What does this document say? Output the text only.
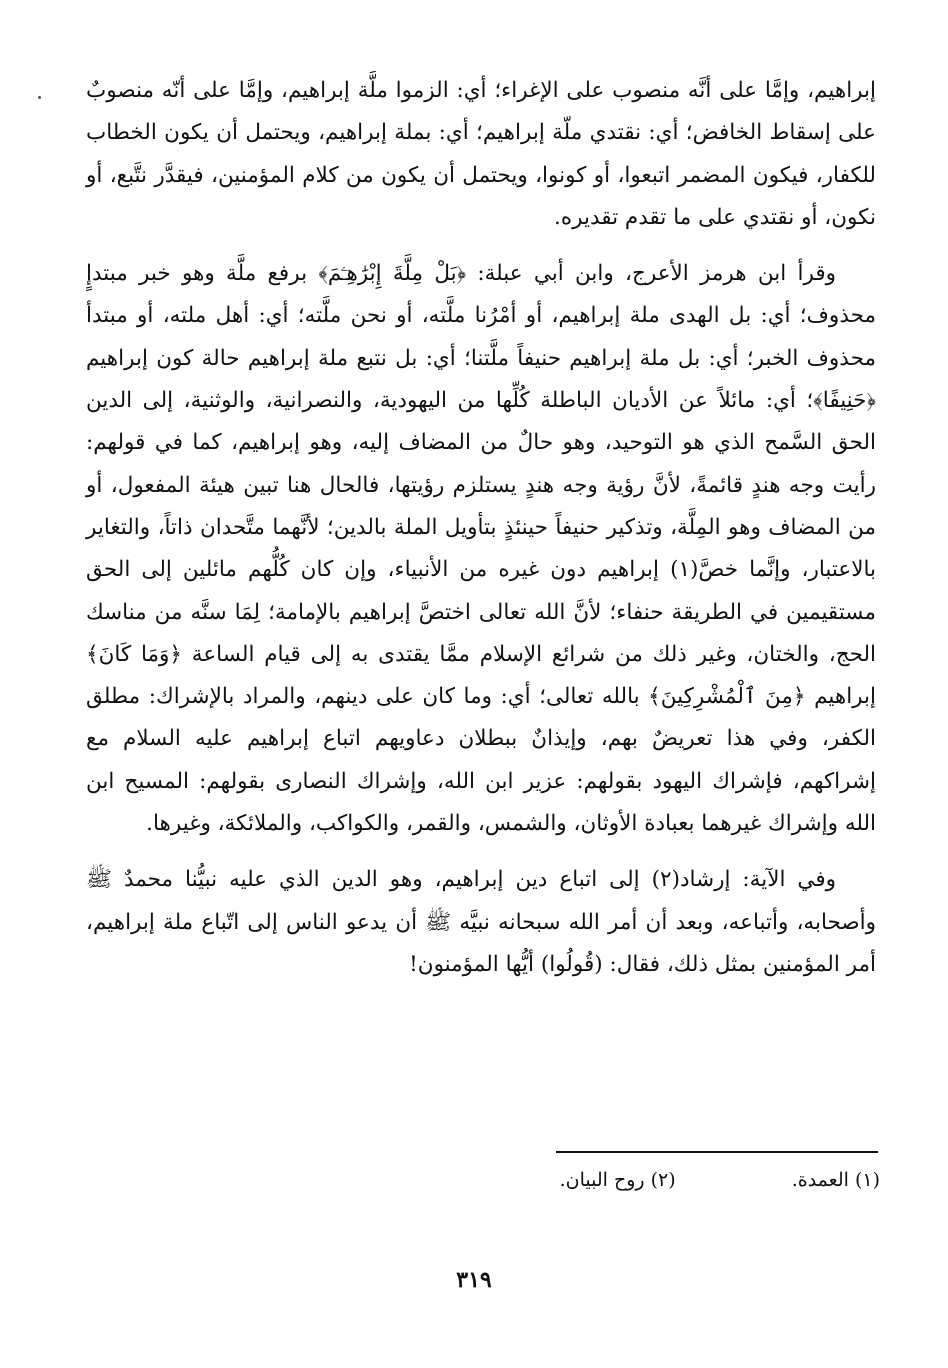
إبراهيم، وإمَّا على أنَّه منصوب على الإغراء؛ أي: الزموا ملَّة إبراهيم، وإمَّا على أنّه منصوبٌ على إسقاط الخافض؛ أي: نقتدي ملّة إبراهيم؛ أي: بملة إبراهيم، ويحتمل أن يكون الخطاب للكفار، فيكون المضمر اتبعوا، أو كونوا، ويحتمل أن يكون من كلام المؤمنين، فيقدَّر نتَّبع، أو نكون، أو نقتدي على ما تقدم تقديره.

وقرأ ابن هرمز الأعرج، وابن أبي عبلة: ﴿بَلْ مِلَّةَ إِبْرَٰهِـۧمَ﴾ برفع ملَّة وهو خبر مبتدإٍ محذوف؛ أي: بل الهدى ملة إبراهيم، أو أمْرُنا ملَّته، أو نحن ملَّته؛ أي: أهل ملته، أو مبتدأ محذوف الخبر؛ أي: بل ملة إبراهيم حنيفاً ملَّتنا؛ أي: بل نتبع ملة إبراهيم حالة كون إبراهيم ﴿حَنِيفًا﴾؛ أي: مائلاً عن الأديان الباطلة كُلِّها من اليهودية، والنصرانية، والوثنية، إلى الدين الحق السَّمح الذي هو التوحيد، وهو حالٌ من المضاف إليه، وهو إبراهيم، كما في قولهم: رأيت وجه هندٍ قائمةً، لأنَّ رؤية وجه هندٍ يستلزم رؤيتها، فالحال هنا تبين هيئة المفعول، أو من المضاف وهو المِلَّة، وتذكير حنيفاً حينئذٍ بتأويل الملة بالدين؛ لأنَّهما متَّحدان ذاتاً، والتغاير بالاعتبار، وإنَّما خصَّ(١) إبراهيم دون غيره من الأنبياء، وإن كان كُلُّهم مائلين إلى الحق مستقيمين في الطريقة حنفاء؛ لأنَّ الله تعالى اختصَّ إبراهيم بالإمامة؛ لِمَا سنَّه من مناسك الحج، والختان، وغير ذلك من شرائع الإسلام ممَّا يقتدى به إلى قيام الساعة ﴿وَمَا كَانَ﴾ إبراهيم ﴿مِنَ ٱلْمُشْرِكِينَ﴾ بالله تعالى؛ أي: وما كان على دينهم، والمراد بالإشراك: مطلق الكفر، وفي هذا تعريضٌ بهم، وإيذانٌ ببطلان دعاويهم اتباع إبراهيم عليه السلام مع إشراكهم، فإشراك اليهود بقولهم: عزير ابن الله، وإشراك النصارى بقولهم: المسيح ابن الله وإشراك غيرهما بعبادة الأوثان، والشمس، والقمر، والكواكب، والملائكة، وغيرها.

وفي الآية: إرشاد(٢) إلى اتباع دين إبراهيم، وهو الدين الذي عليه نبيُّنا محمدٌ ﷺ وأصحابه، وأتباعه، وبعد أن أمر الله سبحانه نبيَّه ﷺ أن يدعو الناس إلى اتّباع ملة إبراهيم، أمر المؤمنين بمثل ذلك، فقال: (قُولُوا) أيُّها المؤمنون!

(١) العمدة. (٢) روح البيان.
٣١٩
